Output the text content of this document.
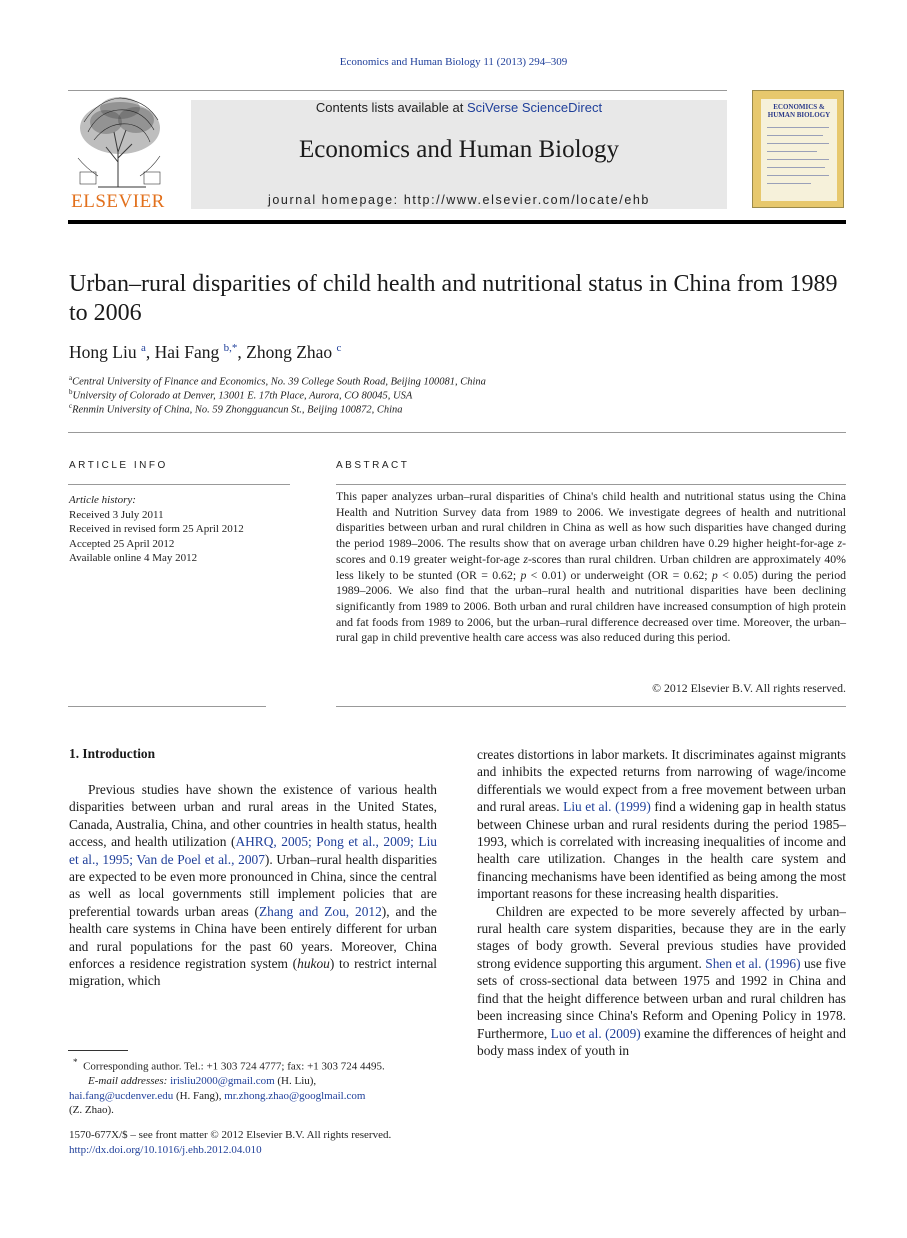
Economics and Human Biology 11 (2013) 294–309
ELSEVIER
Contents lists available at SciVerse ScienceDirect
Economics and Human Biology
journal homepage: http://www.elsevier.com/locate/ehb
ECONOMICS & HUMAN BIOLOGY
Urban–rural disparities of child health and nutritional status in China from 1989 to 2006
Hong Liu $^a$, Hai Fang $^{b,*}$, Zhong Zhao $^c$
$^a$Central University of Finance and Economics, No. 39 College South Road, Beijing 100081, China
$^b$University of Colorado at Denver, 13001 E. 17th Place, Aurora, CO 80045, USA
$^c$Renmin University of China, No. 59 Zhongguancun St., Beijing 100872, China
ARTICLE INFO
Article history:
Received 3 July 2011
Received in revised form 25 April 2012
Accepted 25 April 2012
Available online 4 May 2012
ABSTRACT
This paper analyzes urban–rural disparities of China's child health and nutritional status using the China Health and Nutrition Survey data from 1989 to 2006. We investigate degrees of health and nutritional disparities between urban and rural children in China as well as how such disparities have changed during the period 1989–2006. The results show that on average urban children have 0.29 higher height-for-age z-scores and 0.19 greater weight-for-age z-scores than rural children. Urban children are approximately 40% less likely to be stunted (OR = 0.62; p < 0.01) or underweight (OR = 0.62; p < 0.05) during the period 1989–2006. We also find that the urban–rural health and nutritional disparities have been declining significantly from 1989 to 2006. Both urban and rural children have increased consumption of high protein and fat foods from 1989 to 2006, but the urban–rural difference decreased over time. Moreover, the urban–rural gap in child preventive health care access was also reduced during this period.
© 2012 Elsevier B.V. All rights reserved.
1. Introduction

Previous studies have shown the existence of various health disparities between urban and rural areas in the United States, Canada, Australia, China, and other countries in health status, health access, and health utilization (AHRQ, 2005; Pong et al., 2009; Liu et al., 1995; Van de Poel et al., 2007). Urban–rural health disparities are expected to be even more pronounced in China, since the central as well as local governments still implement policies that are preferential towards urban areas (Zhang and Zou, 2012), and the health care systems in China have been entirely different for urban and rural populations for the past 60 years. Moreover, China enforces a residence registration system (hukou) to restrict internal migration, which

creates distortions in labor markets. It discriminates against migrants and inhibits the expected returns from narrowing of wage/income differentials we would expect from a free movement between urban and rural areas. Liu et al. (1999) find a widening gap in health status between Chinese urban and rural residents during the period 1985–1993, which is correlated with increasing inequalities of income and health care utilization. Changes in the health care system and financing mechanisms have been identified as being among the most important reasons for these increasing health disparities.

Children are expected to be more severely affected by urban–rural health care system disparities, because they are in the early stages of body growth. Several previous studies have provided strong evidence supporting this argument. Shen et al. (1996) use five sets of cross-sectional data between 1975 and 1992 in China and find that the height difference between urban and rural children has been increasing since China's Reform and Opening Policy in 1978. Furthermore, Luo et al. (2009) examine the differences of height and body mass index of youth in

* Corresponding author. Tel.: +1 303 724 4777; fax: +1 303 724 4495.
E-mail addresses: irisliu2000@gmail.com (H. Liu),
hai.fang@ucdenver.edu (H. Fang), mr.zhong.zhao@googlmail.com
(Z. Zhao).
1570-677X/$ – see front matter © 2012 Elsevier B.V. All rights reserved.
http://dx.doi.org/10.1016/j.ehb.2012.04.010
